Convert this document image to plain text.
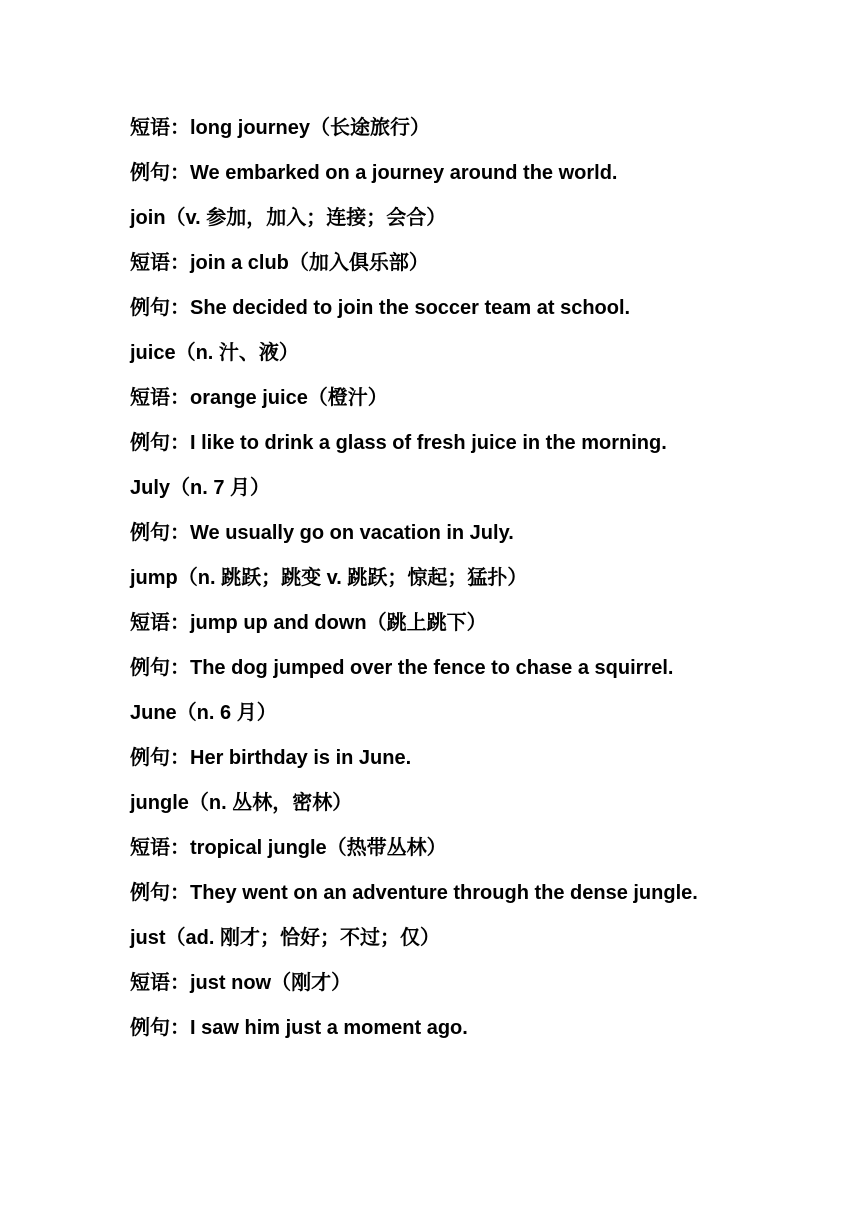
短语：long journey（长途旅行）
例句：We embarked on a journey around the world.
join（v. 参加，加入；连接；会合）
短语：join a club（加入俱乐部）
例句：She decided to join the soccer team at school.
juice（n. 汁、液）
短语：orange juice（橙汁）
例句：I like to drink a glass of fresh juice in the morning.
July（n. 7 月）
例句：We usually go on vacation in July.
jump（n. 跳跃；跳变 v. 跳跃；惊起；猛扑）
短语：jump up and down（跳上跳下）
例句：The dog jumped over the fence to chase a squirrel.
June（n. 6 月）
例句：Her birthday is in June.
jungle（n. 丛林，密林）
短语：tropical jungle（热带丛林）
例句：They went on an adventure through the dense jungle.
just（ad. 刚才；恰好；不过；仅）
短语：just now（刚才）
例句：I saw him just a moment ago.
